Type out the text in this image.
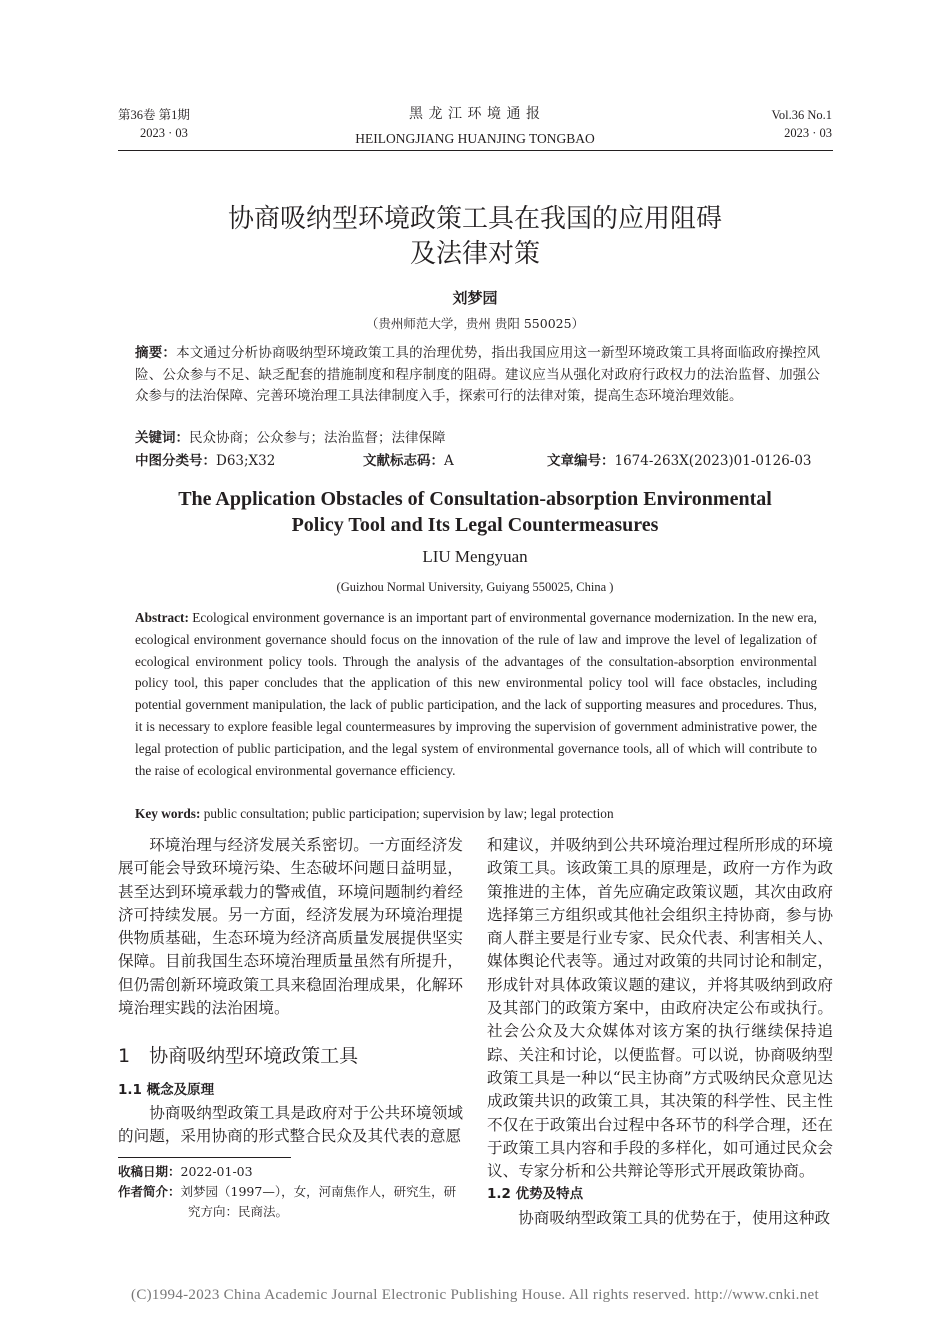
第36卷 第1期
2023 · 03
黑 龙 江 环 境 通 报
HEILONGJIANG HUANJING TONGBAO
Vol.36 No.1
2023 · 03
协商吸纳型环境政策工具在我国的应用阻碍
及法律对策
刘梦园
（贵州师范大学，贵州 贵阳 550025）
摘要：本文通过分析协商吸纳型环境政策工具的治理优势，指出我国应用这一新型环境政策工具将面临政府操控风险、公众参与不足、缺乏配套的措施制度和程序制度的阻碍。建议应当从强化对政府行政权力的法治监督、加强公众参与的法治保障、完善环境治理工具法律制度入手，探索可行的法律对策，提高生态环境治理效能。
关键词：民众协商；公众参与；法治监督；法律保障
中图分类号：D63;X32	文献标志码：A	文章编号：1674-263X(2023)01-0126-03
The Application Obstacles of Consultation-absorption Environmental
Policy Tool and Its Legal Countermeasures
LIU Mengyuan
(Guizhou Normal University, Guiyang 550025, China )
Abstract: Ecological environment governance is an important part of environmental governance modernization. In the new era, ecological environment governance should focus on the innovation of the rule of law and improve the level of legalization of ecological environment policy tools. Through the analysis of the advantages of the consultation-absorption environmental policy tool, this paper concludes that the application of this new environmental policy tool will face obstacles, including potential government manipulation, the lack of public participation, and the lack of supporting measures and procedures. Thus, it is necessary to explore feasible legal countermeasures by improving the supervision of government administrative power, the legal protection of public participation, and the legal system of environmental governance tools, all of which will contribute to the raise of ecological environmental governance efficiency.
Key words: public consultation; public participation; supervision by law; legal protection

环境治理与经济发展关系密切。一方面经济发展可能会导致环境污染、生态破坏问题日益明显，甚至达到环境承载力的警戒值，环境问题制约着经济可持续发展。另一方面，经济发展为环境治理提供物质基础，生态环境为经济高质量发展提供坚实保障。目前我国生态环境治理质量虽然有所提升，但仍需创新环境政策工具来稳固治理成果，化解环境治理实践的法治困境。

1　协商吸纳型环境政策工具
1.1 概念及原理

协商吸纳型政策工具是政府对于公共环境领域的问题，采用协商的形式整合民众及其代表的意愿

收稿日期：2022-01-03
作者简介：刘梦园（1997—），女，河南焦作人，研究生，研究方向：民商法。
和建议，并吸纳到公共环境治理过程所形成的环境政策工具。该政策工具的原理是，政府一方作为政策推进的主体，首先应确定政策议题，其次由政府选择第三方组织或其他社会组织主持协商，参与协商人群主要是行业专家、民众代表、利害相关人、媒体舆论代表等。通过对政策的共同讨论和制定，形成针对具体政策议题的建议，并将其吸纳到政府及其部门的政策方案中，由政府决定公布或执行。社会公众及大众媒体对该方案的执行继续保持追踪、关注和讨论，以便监督。可以说，协商吸纳型政策工具是一种以“民主协商”方式吸纳民众意见达成政策共识的政策工具，其决策的科学性、民主性不仅在于政策出台过程中各环节的科学合理，还在于政策工具内容和手段的多样化，如可通过民众会议、专家分析和公共辩论等形式开展政策协商。
1.2 优势及特点

协商吸纳型政策工具的优势在于，使用这种政

(C)1994-2023 China Academic Journal Electronic Publishing House. All rights reserved. http://www.cnki.net
